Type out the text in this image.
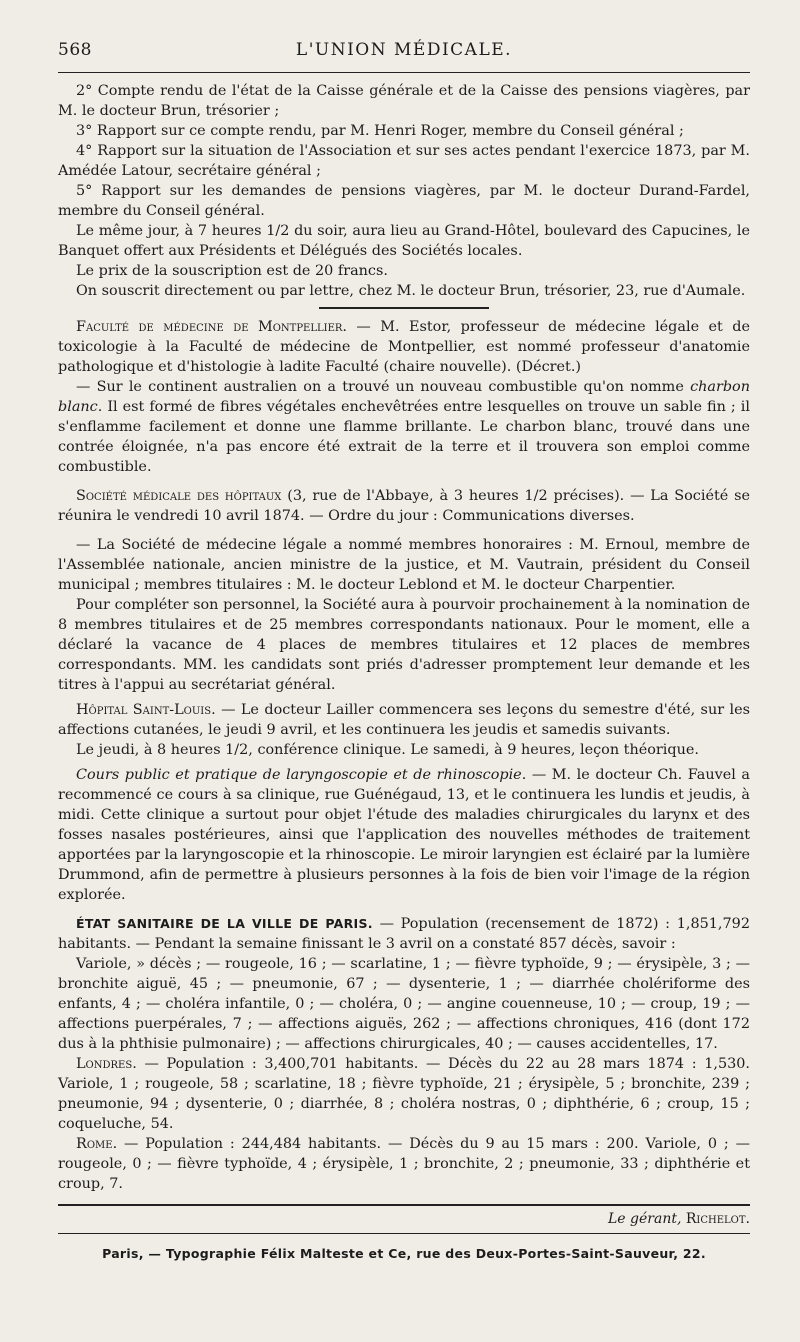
568	L'UNION MÉDICALE.

2° Compte rendu de l'état de la Caisse générale et de la Caisse des pensions viagères, par M. le docteur Brun, trésorier ;

3° Rapport sur ce compte rendu, par M. Henri Roger, membre du Conseil général ;

4° Rapport sur la situation de l'Association et sur ses actes pendant l'exercice 1873, par M. Amédée Latour, secrétaire général ;

5° Rapport sur les demandes de pensions viagères, par M. le docteur Durand-Fardel, membre du Conseil général.

Le même jour, à 7 heures 1/2 du soir, aura lieu au Grand-Hôtel, boulevard des Capucines, le Banquet offert aux Présidents et Délégués des Sociétés locales.

Le prix de la souscription est de 20 francs.

On souscrit directement ou par lettre, chez M. le docteur Brun, trésorier, 23, rue d'Aumale.

Faculté de médecine de Montpellier. — M. Estor, professeur de médecine légale et de toxicologie à la Faculté de médecine de Montpellier, est nommé professeur d'anatomie pathologique et d'histologie à ladite Faculté (chaire nouvelle). (Décret.)

— Sur le continent australien on a trouvé un nouveau combustible qu'on nomme charbon blanc. Il est formé de fibres végétales enchevêtrées entre lesquelles on trouve un sable fin ; il s'enflamme facilement et donne une flamme brillante. Le charbon blanc, trouvé dans une contrée éloignée, n'a pas encore été extrait de la terre et il trouvera son emploi comme combustible.

Société médicale des hôpitaux (3, rue de l'Abbaye, à 3 heures 1/2 précises). — La Société se réunira le vendredi 10 avril 1874. — Ordre du jour : Communications diverses.

— La Société de médecine légale a nommé membres honoraires : M. Ernoul, membre de l'Assemblée nationale, ancien ministre de la justice, et M. Vautrain, président du Conseil municipal ; membres titulaires : M. le docteur Leblond et M. le docteur Charpentier.

Pour compléter son personnel, la Société aura à pourvoir prochainement à la nomination de 8 membres titulaires et de 25 membres correspondants nationaux. Pour le moment, elle a déclaré la vacance de 4 places de membres titulaires et 12 places de membres correspondants. MM. les candidats sont priés d'adresser promptement leur demande et les titres à l'appui au secrétariat général.

Hôpital Saint-Louis. — Le docteur Lailler commencera ses leçons du semestre d'été, sur les affections cutanées, le jeudi 9 avril, et les continuera les jeudis et samedis suivants.

Le jeudi, à 8 heures 1/2, conférence clinique. Le samedi, à 9 heures, leçon théorique.

Cours public et pratique de laryngoscopie et de rhinoscopie. — M. le docteur Ch. Fauvel a recommencé ce cours à sa clinique, rue Guénégaud, 13, et le continuera les lundis et jeudis, à midi. Cette clinique a surtout pour objet l'étude des maladies chirurgicales du larynx et des fosses nasales postérieures, ainsi que l'application des nouvelles méthodes de traitement apportées par la laryngoscopie et la rhinoscopie. Le miroir laryngien est éclairé par la lumière Drummond, afin de permettre à plusieurs personnes à la fois de bien voir l'image de la région explorée.

ÉTAT SANITAIRE DE LA VILLE DE PARIS. — Population (recensement de 1872) : 1,851,792 habitants. — Pendant la semaine finissant le 3 avril on a constaté 857 décès, savoir :

Variole, » décès ; — rougeole, 16 ; — scarlatine, 1 ; — fièvre typhoïde, 9 ; — érysipèle, 3 ; — bronchite aiguë, 45 ; — pneumonie, 67 ; — dysenterie, 1 ; — diarrhée cholériforme des enfants, 4 ; — choléra infantile, 0 ; — choléra, 0 ; — angine couenneuse, 10 ; — croup, 19 ; — affections puerpérales, 7 ; — affections aiguës, 262 ; — affections chroniques, 416 (dont 172 dus à la phthisie pulmonaire) ; — affections chirurgicales, 40 ; — causes accidentelles, 17.

Londres. — Population : 3,400,701 habitants. — Décès du 22 au 28 mars 1874 : 1,530. Variole, 1 ; rougeole, 58 ; scarlatine, 18 ; fièvre typhoïde, 21 ; érysipèle, 5 ; bronchite, 239 ; pneumonie, 94 ; dysenterie, 0 ; diarrhée, 8 ; choléra nostras, 0 ; diphthérie, 6 ; croup, 15 ; coqueluche, 54.

Rome. — Population : 244,484 habitants. — Décès du 9 au 15 mars : 200. Variole, 0 ; — rougeole, 0 ; — fièvre typhoïde, 4 ; érysipèle, 1 ; bronchite, 2 ; pneumonie, 33 ; diphthérie et croup, 7.

Le gérant, Richelot.
Paris, — Typographie Félix Malteste et Ce, rue des Deux-Portes-Saint-Sauveur, 22.
